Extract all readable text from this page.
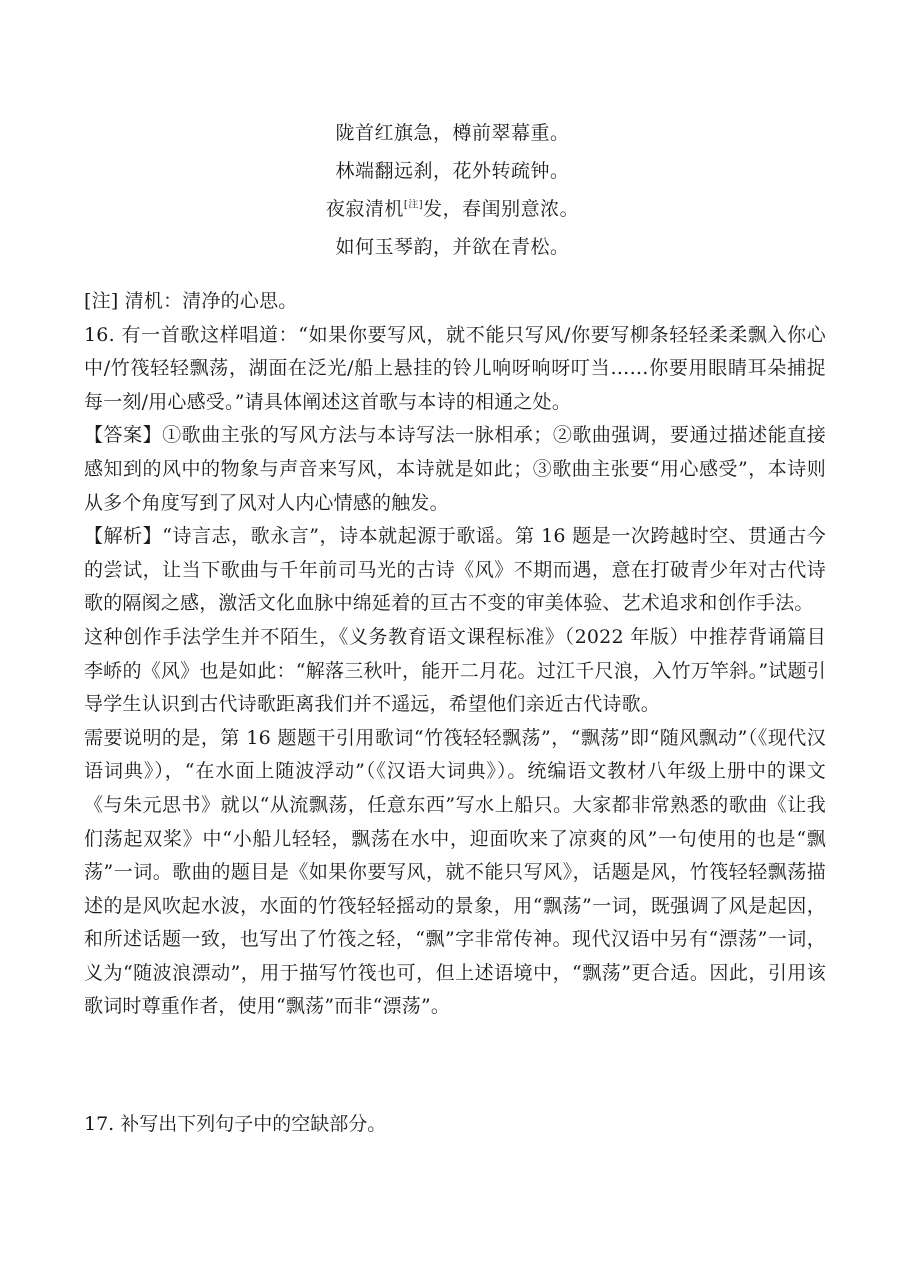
陇首红旗急，樽前翠幕重。
林端翻远刹，花外转疏钟。
夜寂清机[注]发，春闺别意浓。
如何玉琴韵，并欲在青松。

[注] 清机：清净的心思。

16. 有一首歌这样唱道：“如果你要写风，就不能只写风/你要写柳条轻轻柔柔飘入你心中/竹筏轻轻飘荡，湖面在泛光/船上悬挂的铃儿响呀响呀叮当……你要用眼睛耳朵捕捉每一刻/用心感受。”请具体阐述这首歌与本诗的相通之处。

【答案】①歌曲主张的写风方法与本诗写法一脉相承；②歌曲强调，要通过描述能直接感知到的风中的物象与声音来写风，本诗就是如此；③歌曲主张要“用心感受”，本诗则从多个角度写到了风对人内心情感的触发。

【解析】“诗言志，歌永言”，诗本就起源于歌谣。第 16 题是一次跨越时空、贯通古今的尝试，让当下歌曲与千年前司马光的古诗《风》不期而遇，意在打破青少年对古代诗歌的隔阂之感，激活文化血脉中绵延着的亘古不变的审美体验、艺术追求和创作手法。

这种创作手法学生并不陌生，《义务教育语文课程标准》（2022 年版）中推荐背诵篇目李峤的《风》也是如此：“解落三秋叶，能开二月花。过江千尺浪，入竹万竿斜。”试题引导学生认识到古代诗歌距离我们并不遥远，希望他们亲近古代诗歌。

需要说明的是，第 16 题题干引用歌词“竹筏轻轻飘荡”，“飘荡”即“随风飘动”（《现代汉语词典》），“在水面上随波浮动”（《汉语大词典》）。统编语文教材八年级上册中的课文《与朱元思书》就以“从流飘荡，任意东西”写水上船只。大家都非常熟悉的歌曲《让我们荡起双桨》中“小船儿轻轻，飘荡在水中，迎面吹来了凉爽的风”一句使用的也是“飘荡”一词。歌曲的题目是《如果你要写风，就不能只写风》，话题是风，竹筏轻轻飘荡描述的是风吹起水波，水面的竹筏轻轻摇动的景象，用“飘荡”一词，既强调了风是起因，和所述话题一致，也写出了竹筏之轻，“飘”字非常传神。现代汉语中另有“漂荡”一词，义为“随波浪漂动”，用于描写竹筏也可，但上述语境中，“飘荡”更合适。因此，引用该歌词时尊重作者，使用“飘荡”而非“漂荡”。

17. 补写出下列句子中的空缺部分。
